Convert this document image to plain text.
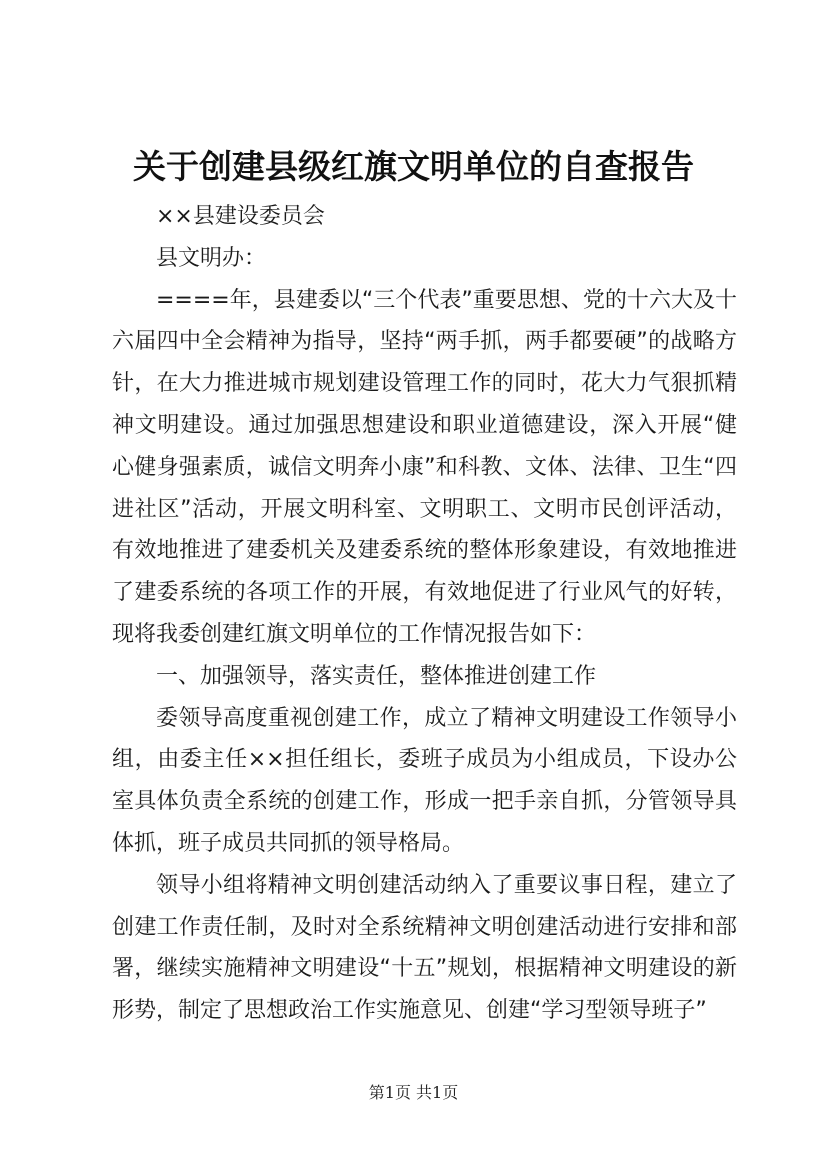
关于创建县级红旗文明单位的自查报告

××县建设委员会

县文明办：

====年，县建委以“三个代表”重要思想、党的十六大及十六届四中全会精神为指导，坚持“两手抓，两手都要硬”的战略方针，在大力推进城市规划建设管理工作的同时，花大力气狠抓精神文明建设。通过加强思想建设和职业道德建设，深入开展“健心健身强素质，诚信文明奔小康”和科教、文体、法律、卫生“四进社区”活动，开展文明科室、文明职工、文明市民创评活动，有效地推进了建委机关及建委系统的整体形象建设，有效地推进了建委系统的各项工作的开展，有效地促进了行业风气的好转，现将我委创建红旗文明单位的工作情况报告如下：

一、加强领导，落实责任，整体推进创建工作

委领导高度重视创建工作，成立了精神文明建设工作领导小组，由委主任××担任组长，委班子成员为小组成员，下设办公室具体负责全系统的创建工作，形成一把手亲自抓，分管领导具体抓，班子成员共同抓的领导格局。

领导小组将精神文明创建活动纳入了重要议事日程，建立了创建工作责任制，及时对全系统精神文明创建活动进行安排和部署，继续实施精神文明建设“十五”规划，根据精神文明建设的新形势，制定了思想政治工作实施意见、创建“学习型领导班子”

第1页 共1页
